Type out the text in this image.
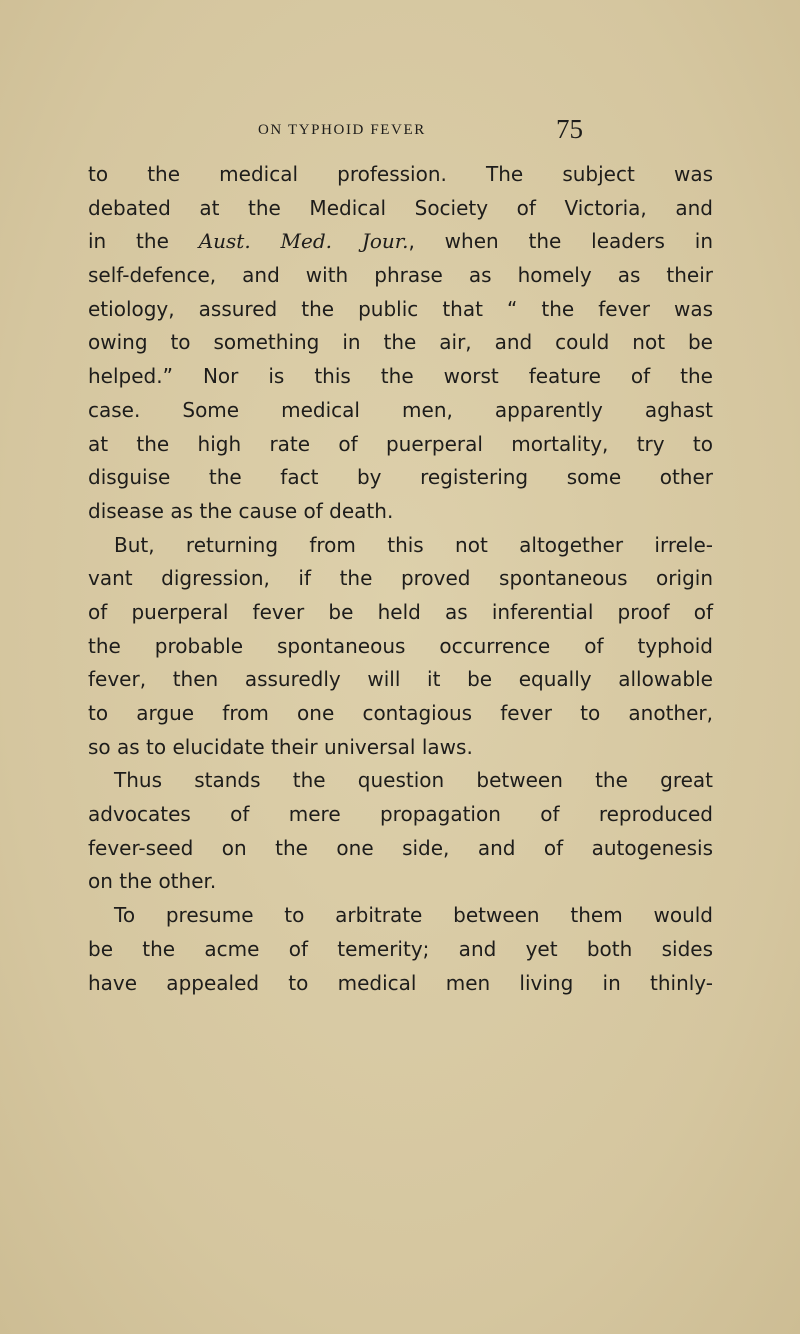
ON TYPHOID FEVER	75
to the medical profession. The subject was
debated at the Medical Society of Victoria, and
in the Aust. Med. Jour., when the leaders in
self-defence, and with phrase as homely as their
etiology, assured the public that “ the fever was
owing to something in the air, and could not be
helped.” Nor is this the worst feature of the
case. Some medical men, apparently aghast
at the high rate of puerperal mortality, try to
disguise the fact by registering some other
disease as the cause of death.
But, returning from this not altogether irrele-
vant digression, if the proved spontaneous origin
of puerperal fever be held as inferential proof of
the probable spontaneous occurrence of typhoid
fever, then assuredly will it be equally allowable
to argue from one contagious fever to another,
so as to elucidate their universal laws.
Thus stands the question between the great
advocates of mere propagation of reproduced
fever-seed on the one side, and of autogenesis
on the other.
To presume to arbitrate between them would
be the acme of temerity; and yet both sides
have appealed to medical men living in thinly-
